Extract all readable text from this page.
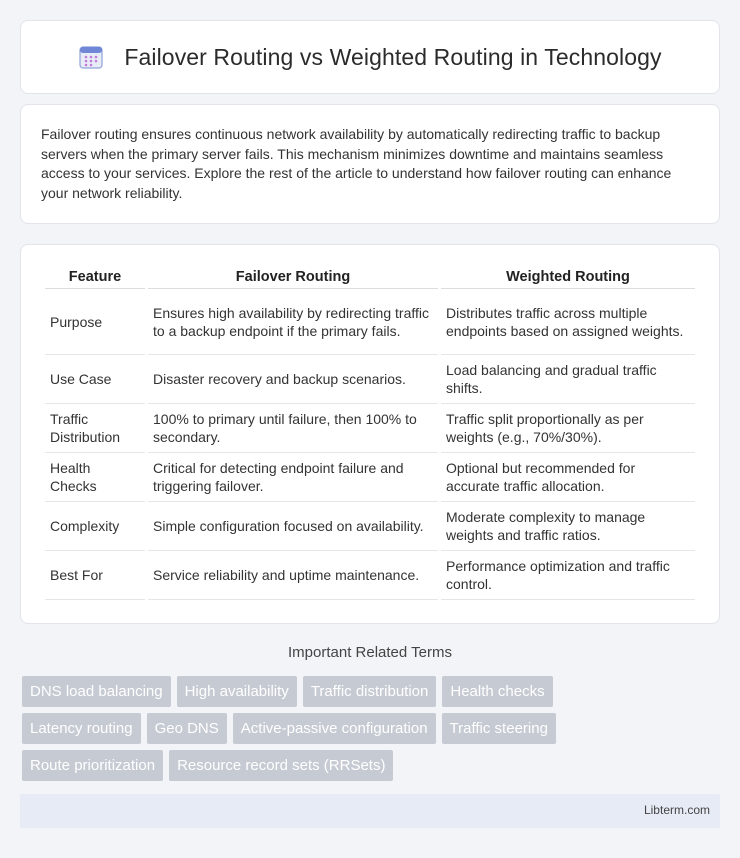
Failover Routing vs Weighted Routing in Technology

Failover routing ensures continuous network availability by automatically redirecting traffic to backup servers when the primary server fails. This mechanism minimizes downtime and maintains seamless access to your services. Explore the rest of the article to understand how failover routing can enhance your network reliability.

Feature	Failover Routing	Weighted Routing
Purpose	Ensures high availability by redirecting traffic to a backup endpoint if the primary fails.	Distributes traffic across multiple endpoints based on assigned weights.
Use Case	Disaster recovery and backup scenarios.	Load balancing and gradual traffic shifts.
Traffic Distribution	100% to primary until failure, then 100% to secondary.	Traffic split proportionally as per weights (e.g., 70%/30%).
Health Checks	Critical for detecting endpoint failure and triggering failover.	Optional but recommended for accurate traffic allocation.
Complexity	Simple configuration focused on availability.	Moderate complexity to manage weights and traffic ratios.
Best For	Service reliability and uptime maintenance.	Performance optimization and traffic control.
Important Related Terms
DNS load balancing	High availability	Traffic distribution	Health checks
Latency routing	Geo DNS	Active-passive configuration	Traffic steering
Route prioritization	Resource record sets (RRSets)
Libterm.com
